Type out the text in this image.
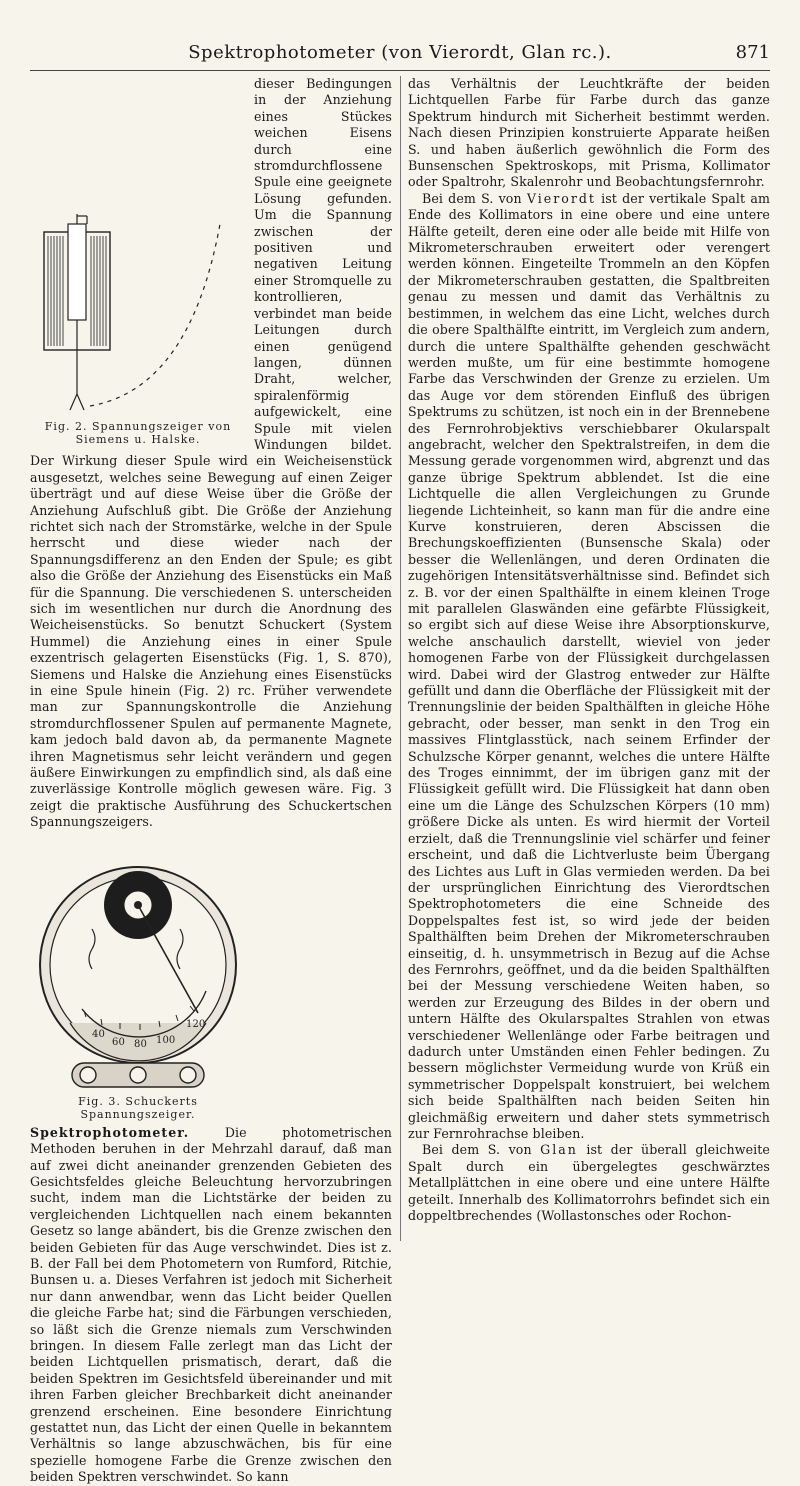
Spektrophotometer (von Vierordt, Glan rc.).	871
Fig. 2. Spannungszeiger von Siemens u. Halske.

dieser Bedingungen in der Anziehung eines Stückes weichen Eisens durch eine stromdurchflossene Spule eine geeignete Lösung gefunden. Um die Spannung zwischen der positiven und negativen Leitung einer Stromquelle zu kontrollieren, verbindet man beide Leitungen durch einen genügend langen, dünnen Draht, welcher, spiralenförmig aufgewickelt, eine Spule mit vielen Windungen bildet. Der Wirkung dieser Spule wird ein Weicheisenstück ausgesetzt, welches seine Bewegung auf einen Zeiger überträgt und auf diese Weise über die Größe der Anziehung Aufschluß gibt. Die Größe der Anziehung richtet sich nach der Stromstärke, welche in der Spule herrscht und diese wieder nach der Spannungsdifferenz an den Enden der Spule; es gibt also die Größe der Anziehung des Eisenstücks ein Maß für die Spannung. Die verschiedenen S. unterscheiden sich im wesentlichen nur durch die Anordnung des Weicheisenstücks. So benutzt Schuckert (System Hummel) die Anziehung eines in einer Spule exzentrisch gelagerten Eisenstücks (Fig. 1, S. 870), Siemens und Halske die Anziehung eines Eisenstücks in eine Spule hinein (Fig. 2) rc. Früher verwendete man zur Spannungskontrolle die Anziehung stromdurchflossener Spulen auf permanente Magnete, kam jedoch bald davon ab, da permanente Magnete ihren Magnetismus sehr leicht verändern und gegen äußere Einwirkungen zu empfindlich sind, als daß eine zuverlässige Kontrolle möglich gewesen wäre. Fig. 3 zeigt die praktische Ausführung des Schuckertschen Spannungszeigers.

40
60 80 100
120
Fig. 3. Schuckerts Spannungszeiger.

Spektrophotometer. Die photometrischen Methoden beruhen in der Mehrzahl darauf, daß man auf zwei dicht aneinander grenzenden Gebieten des Gesichtsfeldes gleiche Beleuchtung hervorzubringen sucht, indem man die Lichtstärke der beiden zu vergleichenden Lichtquellen nach einem bekannten Gesetz so lange abändert, bis die Grenze zwischen den beiden Gebieten für das Auge verschwindet. Dies ist z. B. der Fall bei dem Photometern von Rumford, Ritchie, Bunsen u. a. Dieses Verfahren ist jedoch mit Sicherheit nur dann anwendbar, wenn das Licht beider Quellen die gleiche Farbe hat; sind die Färbungen verschieden, so läßt sich die Grenze niemals zum Verschwinden bringen. In diesem Falle zerlegt man das Licht der beiden Lichtquellen prismatisch, derart, daß die beiden Spektren im Gesichtsfeld übereinander und mit ihren Farben gleicher Brechbarkeit dicht aneinander grenzend erscheinen. Eine besondere Einrichtung gestattet nun, das Licht der einen Quelle in bekanntem Verhältnis so lange abzuschwächen, bis für eine spezielle homogene Farbe die Grenze zwischen den beiden Spektren verschwindet. So kann

das Verhältnis der Leuchtkräfte der beiden Lichtquellen Farbe für Farbe durch das ganze Spektrum hindurch mit Sicherheit bestimmt werden. Nach diesen Prinzipien konstruierte Apparate heißen S. und haben äußerlich gewöhnlich die Form des Bunsenschen Spektroskops, mit Prisma, Kollimator oder Spaltrohr, Skalenrohr und Beobachtungsfernrohr.

Bei dem S. von Vierordt ist der vertikale Spalt am Ende des Kollimators in eine obere und eine untere Hälfte geteilt, deren eine oder alle beide mit Hilfe von Mikrometerschrauben erweitert oder verengert werden können. Eingeteilte Trommeln an den Köpfen der Mikrometerschrauben gestatten, die Spaltbreiten genau zu messen und damit das Verhältnis zu bestimmen, in welchem das eine Licht, welches durch die obere Spalthälfte eintritt, im Vergleich zum andern, durch die untere Spalthälfte gehenden geschwächt werden mußte, um für eine bestimmte homogene Farbe das Verschwinden der Grenze zu erzielen. Um das Auge vor dem störenden Einfluß des übrigen Spektrums zu schützen, ist noch ein in der Brennebene des Fernrohrobjektivs verschiebbarer Okularspalt angebracht, welcher den Spektralstreifen, in dem die Messung gerade vorgenommen wird, abgrenzt und das ganze übrige Spektrum abblendet. Ist die eine Lichtquelle die allen Vergleichungen zu Grunde liegende Lichteinheit, so kann man für die andre eine Kurve konstruieren, deren Abscissen die Brechungskoeffizienten (Bunsensche Skala) oder besser die Wellenlängen, und deren Ordinaten die zugehörigen Intensitätsverhältnisse sind. Befindet sich z. B. vor der einen Spalthälfte in einem kleinen Troge mit parallelen Glaswänden eine gefärbte Flüssigkeit, so ergibt sich auf diese Weise ihre Absorptionskurve, welche anschaulich darstellt, wieviel von jeder homogenen Farbe von der Flüssigkeit durchgelassen wird. Dabei wird der Glastrog entweder zur Hälfte gefüllt und dann die Oberfläche der Flüssigkeit mit der Trennungslinie der beiden Spalthälften in gleiche Höhe gebracht, oder besser, man senkt in den Trog ein massives Flintglasstück, nach seinem Erfinder der Schulzsche Körper genannt, welches die untere Hälfte des Troges einnimmt, der im übrigen ganz mit der Flüssigkeit gefüllt wird. Die Flüssigkeit hat dann oben eine um die Länge des Schulzschen Körpers (10 mm) größere Dicke als unten. Es wird hiermit der Vorteil erzielt, daß die Trennungslinie viel schärfer und feiner erscheint, und daß die Lichtverluste beim Übergang des Lichtes aus Luft in Glas vermieden werden. Da bei der ursprünglichen Einrichtung des Vierordtschen Spektrophotometers die eine Schneide des Doppelspaltes fest ist, so wird jede der beiden Spalthälften beim Drehen der Mikrometerschrauben einseitig, d. h. unsymmetrisch in Bezug auf die Achse des Fernrohrs, geöffnet, und da die beiden Spalthälften bei der Messung verschiedene Weiten haben, so werden zur Erzeugung des Bildes in der obern und untern Hälfte des Okularspaltes Strahlen von etwas verschiedener Wellenlänge oder Farbe beitragen und dadurch unter Umständen einen Fehler bedingen. Zu bessern möglichster Vermeidung wurde von Krüß ein symmetrischer Doppelspalt konstruiert, bei welchem sich beide Spalthälften nach beiden Seiten hin gleichmäßig erweitern und daher stets symmetrisch zur Fernrohrachse bleiben.

Bei dem S. von Glan ist der überall gleichweite Spalt durch ein übergelegtes geschwärztes Metallplättchen in eine obere und eine untere Hälfte geteilt. Innerhalb des Kollimatorrohrs befindet sich ein doppeltbrechendes (Wollastonsches oder Rochon-
